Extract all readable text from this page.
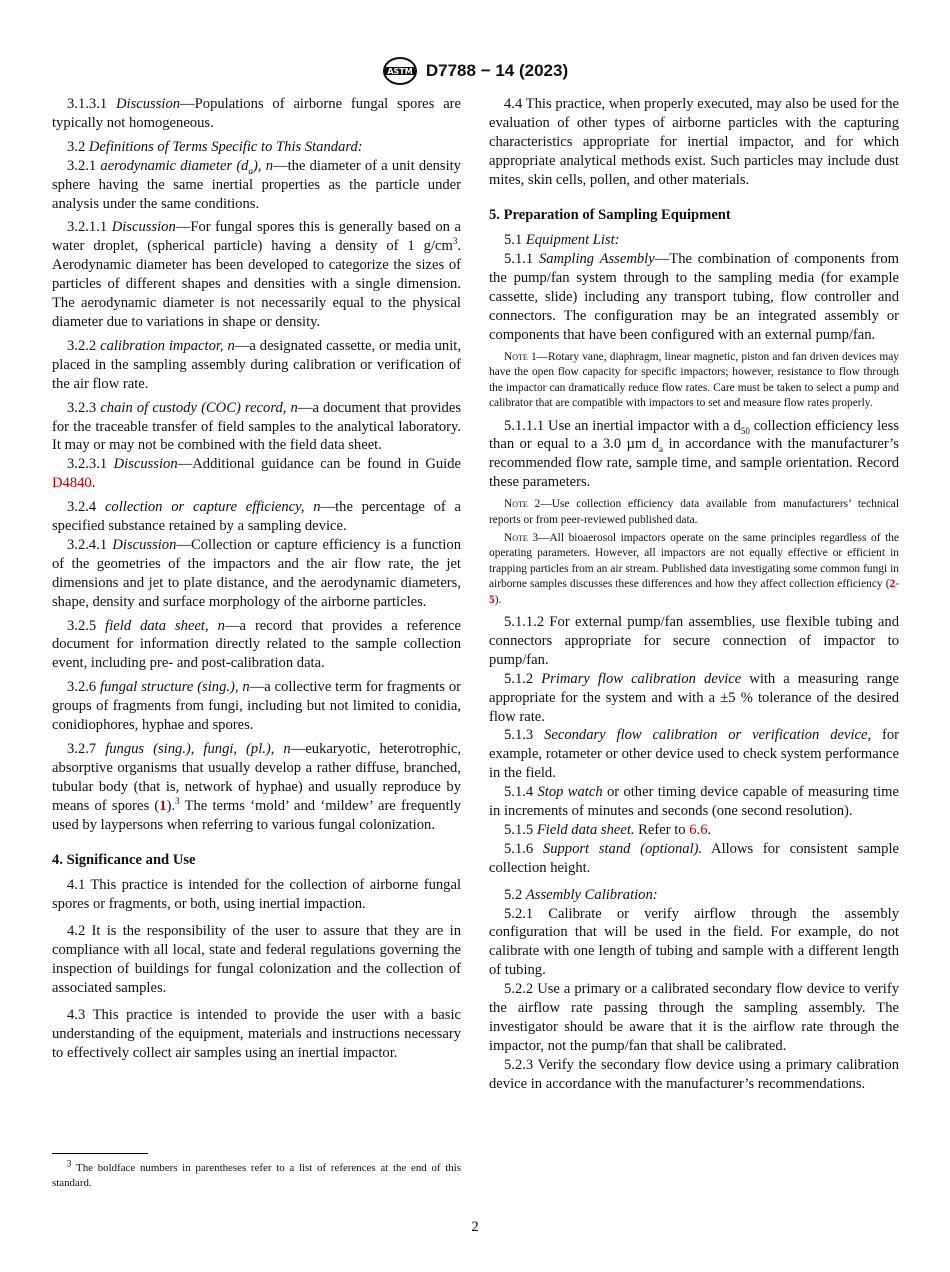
ASTM D7788 − 14 (2023)

3.1.3.1 Discussion—Populations of airborne fungal spores are typically not homogeneous.

3.2 Definitions of Terms Specific to This Standard:

3.2.1 aerodynamic diameter $(d_a)$, n—the diameter of a unit density sphere having the same inertial properties as the particle under analysis under the same conditions.

3.2.1.1 Discussion—For fungal spores this is generally based on a water droplet, (spherical particle) having a density of 1 $g/cm^3$. Aerodynamic diameter has been developed to categorize the sizes of particles of different shapes and densities with a single dimension. The aerodynamic diameter is not necessarily equal to the physical diameter due to variations in shape or density.

3.2.2 calibration impactor, n—a designated cassette, or media unit, placed in the sampling assembly during calibration or verification of the air flow rate.

3.2.3 chain of custody (COC) record, n—a document that provides for the traceable transfer of field samples to the analytical laboratory. It may or may not be combined with the field data sheet.

3.2.3.1 Discussion—Additional guidance can be found in Guide D4840.

3.2.4 collection or capture efficiency, n—the percentage of a specified substance retained by a sampling device.

3.2.4.1 Discussion—Collection or capture efficiency is a function of the geometries of the impactors and the air flow rate, the jet dimensions and jet to plate distance, and the aerodynamic diameters, shape, density and surface morphology of the airborne particles.

3.2.5 field data sheet, n—a record that provides a reference document for information directly related to the sample collection event, including pre- and post-calibration data.

3.2.6 fungal structure (sing.), n—a collective term for fragments or groups of fragments from fungi, including but not limited to conidia, conidiophores, hyphae and spores.

3.2.7 fungus (sing.), fungi, (pl.), n—eukaryotic, heterotrophic, absorptive organisms that usually develop a rather diffuse, branched, tubular body (that is, network of hyphae) and usually reproduce by means of spores (1).$^3$ The terms ‘mold’ and ‘mildew’ are frequently used by laypersons when referring to various fungal colonization.

4. Significance and Use

4.1 This practice is intended for the collection of airborne fungal spores or fragments, or both, using inertial impaction.

4.2 It is the responsibility of the user to assure that they are in compliance with all local, state and federal regulations governing the inspection of buildings for fungal colonization and the collection of associated samples.

4.3 This practice is intended to provide the user with a basic understanding of the equipment, materials and instructions necessary to effectively collect air samples using an inertial impactor.

$^3$ The boldface numbers in parentheses refer to a list of references at the end of this standard.

4.4 This practice, when properly executed, may also be used for the evaluation of other types of airborne particles with the capturing characteristics appropriate for inertial impactor, and for which appropriate analytical methods exist. Such particles may include dust mites, skin cells, pollen, and other materials.

5. Preparation of Sampling Equipment

5.1 Equipment List:

5.1.1 Sampling Assembly—The combination of components from the pump/fan system through to the sampling media (for example cassette, slide) including any transport tubing, flow controller and connectors. The configuration may be an integrated assembly or components that have been configured with an external pump/fan.

Note 1—Rotary vane, diaphragm, linear magnetic, piston and fan driven devices may have the open flow capacity for specific impactors; however, resistance to flow through the impactor can dramatically reduce flow rates. Care must be taken to select a pump and calibrator that are compatible with impactors to set and measure flow rates properly.

5.1.1.1 Use an inertial impactor with a $d_{50}$ collection efficiency less than or equal to a 3.0 µm $d_a$ in accordance with the manufacturer’s recommended flow rate, sample time, and sample orientation. Record these parameters.

Note 2—Use collection efficiency data available from manufacturers’ technical reports or from peer-reviewed published data.

Note 3—All bioaerosol impactors operate on the same principles regardless of the operating parameters. However, all impactors are not equally effective or efficient in trapping particles from an air stream. Published data investigating some common fungi in airborne samples discusses these differences and how they affect collection efficiency (2-5).

5.1.1.2 For external pump/fan assemblies, use flexible tubing and connectors appropriate for secure connection of impactor to pump/fan.

5.1.2 Primary flow calibration device with a measuring range appropriate for the system and with a ±5 % tolerance of the desired flow rate.

5.1.3 Secondary flow calibration or verification device, for example, rotameter or other device used to check system performance in the field.

5.1.4 Stop watch or other timing device capable of measuring time in increments of minutes and seconds (one second resolution).

5.1.5 Field data sheet. Refer to 6.6.

5.1.6 Support stand (optional). Allows for consistent sample collection height.

5.2 Assembly Calibration:

5.2.1 Calibrate or verify airflow through the assembly configuration that will be used in the field. For example, do not calibrate with one length of tubing and sample with a different length of tubing.

5.2.2 Use a primary or a calibrated secondary flow device to verify the airflow rate passing through the sampling assembly. The investigator should be aware that it is the airflow rate through the impactor, not the pump/fan that shall be calibrated.

5.2.3 Verify the secondary flow device using a primary calibration device in accordance with the manufacturer’s recommendations.

2
